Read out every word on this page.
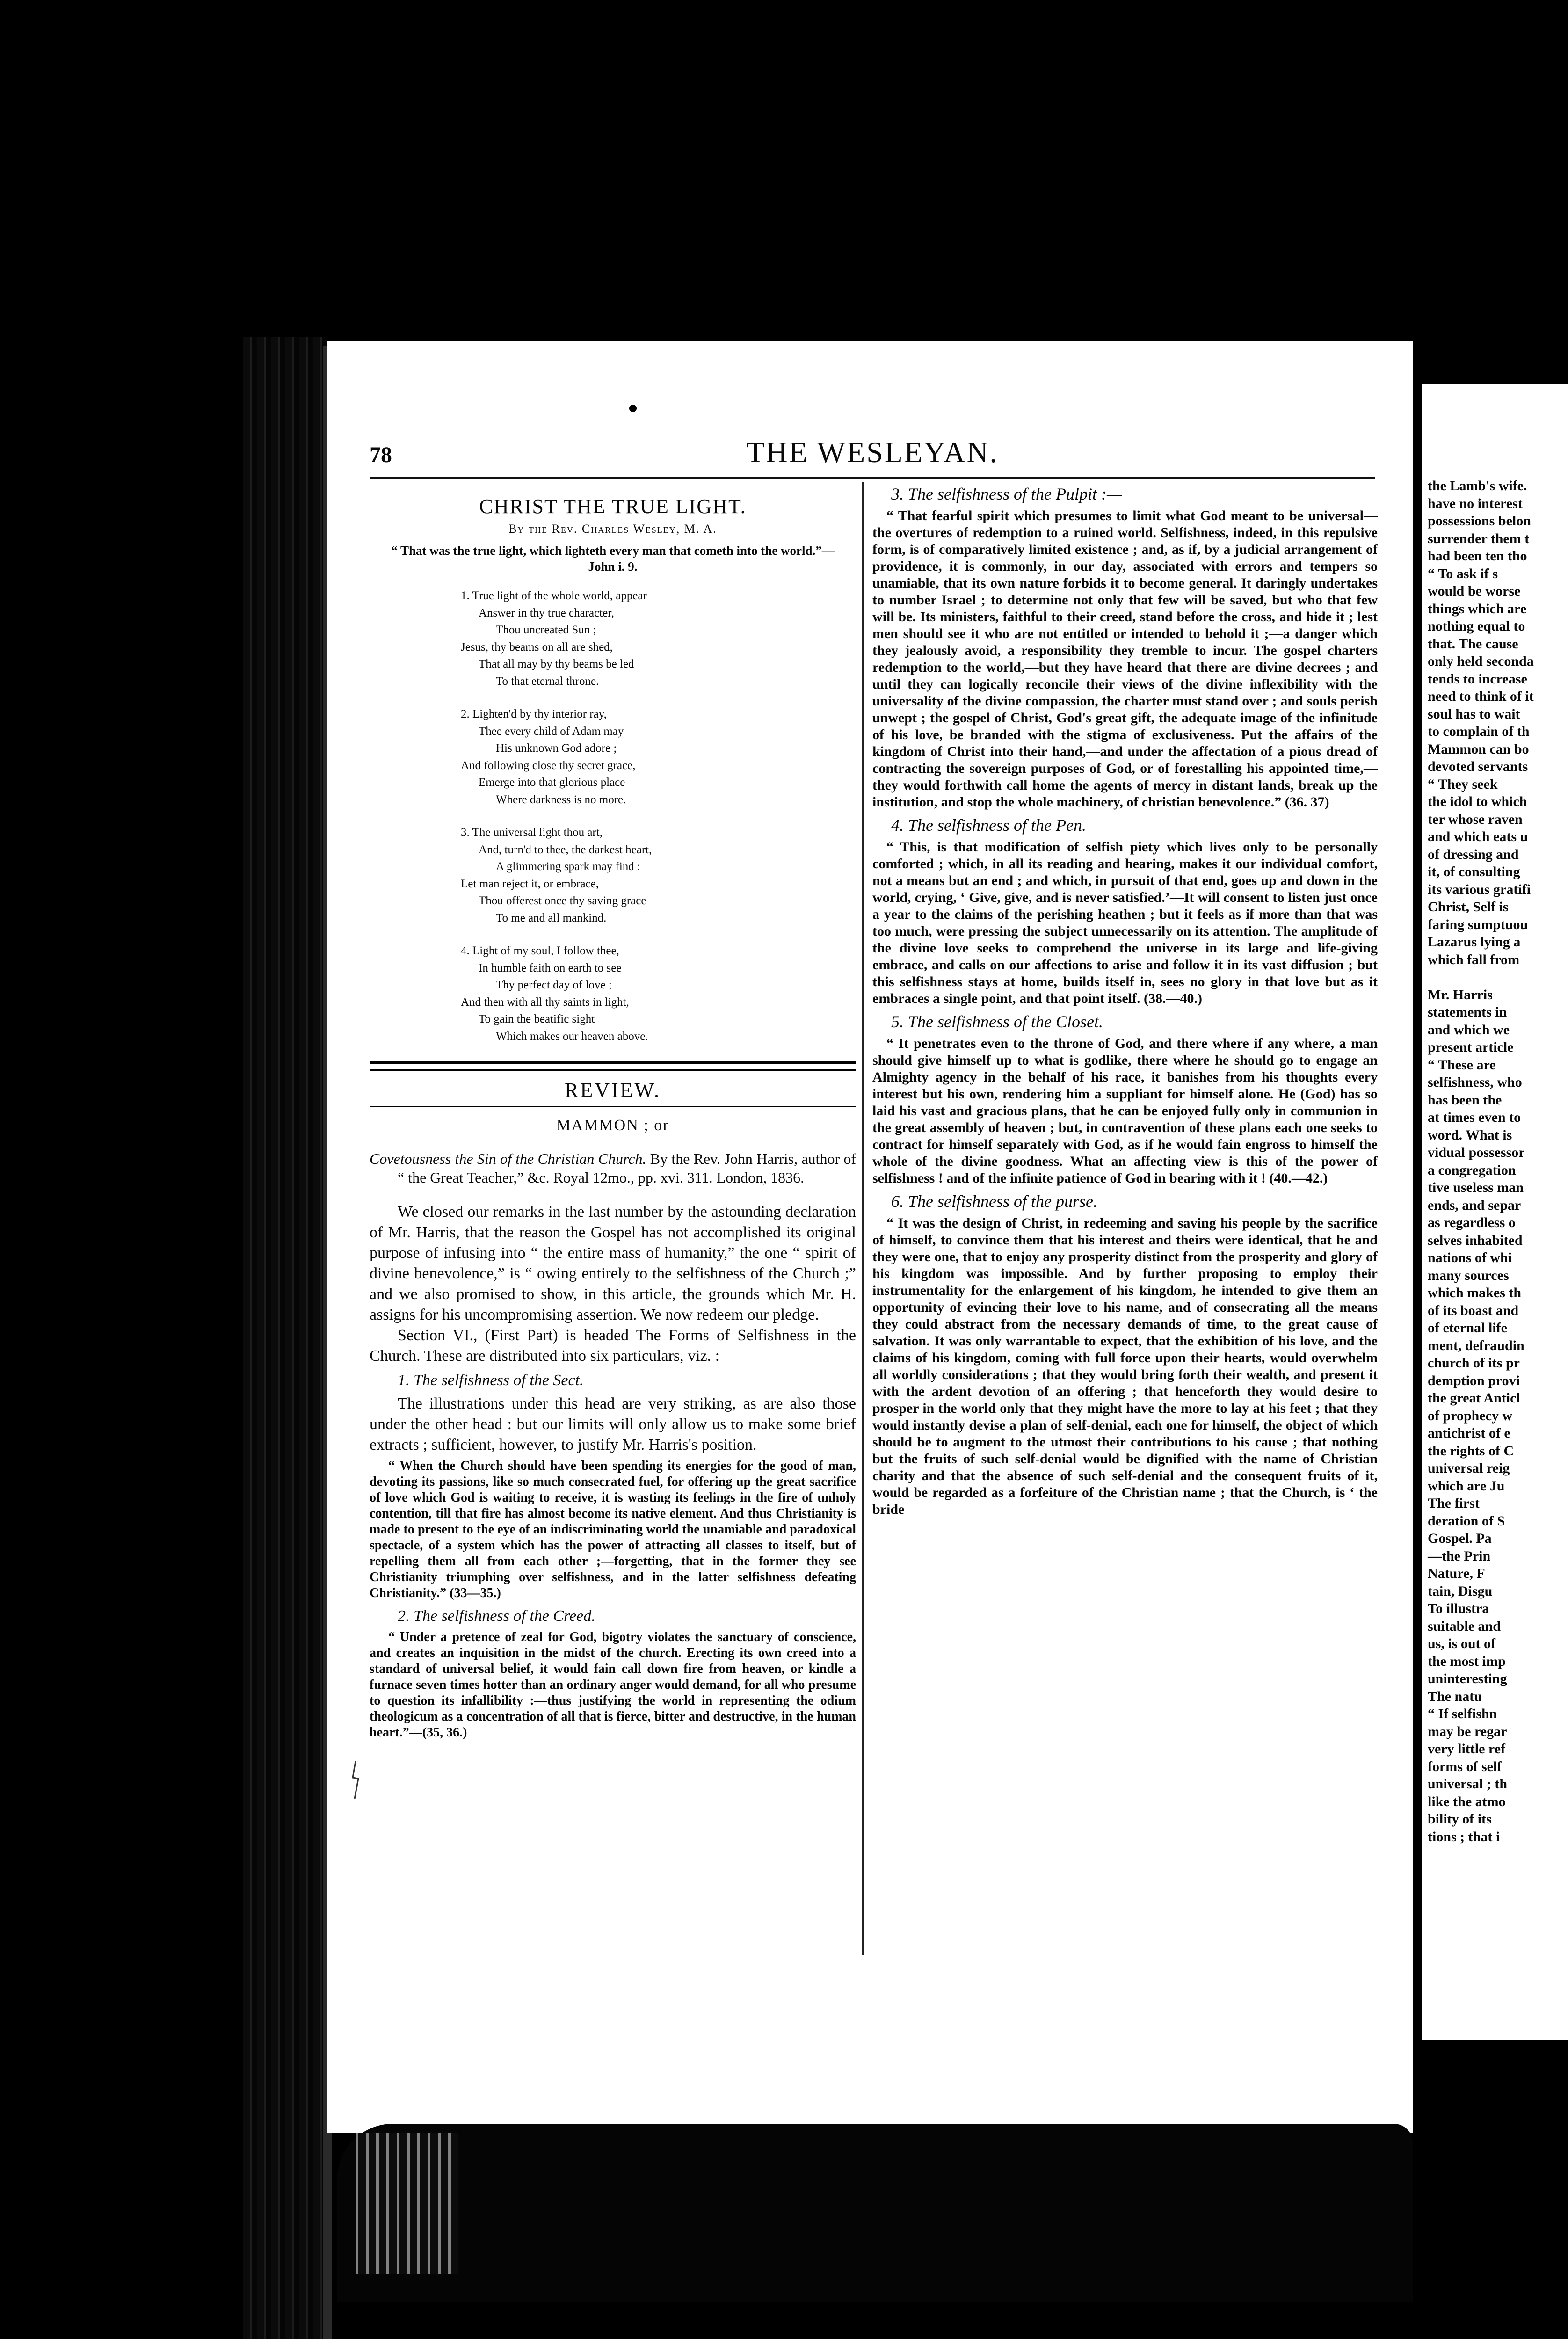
78	THE WESLEYAN.
CHRIST THE TRUE LIGHT.
By the Rev. Charles Wesley, M. A.
“ That was the true light, which lighteth every man that cometh into the world.”—John i. 9.
1. True light of the whole world, appear
Answer in thy true character,
Thou uncreated Sun ;
Jesus, thy beams on all are shed,
That all may by thy beams be led
To that eternal throne.
2. Lighten'd by thy interior ray,
Thee every child of Adam may
His unknown God adore ;
And following close thy secret grace,
Emerge into that glorious place
Where darkness is no more.
3. The universal light thou art,
And, turn'd to thee, the darkest heart,
A glimmering spark may find :
Let man reject it, or embrace,
Thou offerest once thy saving grace
To me and all mankind.
4. Light of my soul, I follow thee,
In humble faith on earth to see
Thy perfect day of love ;
And then with all thy saints in light,
To gain the beatific sight
Which makes our heaven above.
REVIEW.
MAMMON ; or

Covetousness the Sin of the Christian Church. By the Rev. John Harris, author of “ the Great Teacher,” &c. Royal 12mo., pp. xvi. 311. London, 1836.

We closed our remarks in the last number by the astounding declaration of Mr. Harris, that the reason the Gospel has not accomplished its original purpose of infusing into “ the entire mass of humanity,” the one “ spirit of divine benevolence,” is “ owing entirely to the selfishness of the Church ;” and we also promised to show, in this article, the grounds which Mr. H. assigns for his uncompromising assertion. We now redeem our pledge.

Section VI., (First Part) is headed The Forms of Selfishness in the Church. These are distributed into six particulars, viz. :

1. The selfishness of the Sect.

The illustrations under this head are very striking, as are also those under the other head : but our limits will only allow us to make some brief extracts ; sufficient, however, to justify Mr. Harris's position.

“ When the Church should have been spending its energies for the good of man, devoting its passions, like so much consecrated fuel, for offering up the great sacrifice of love which God is waiting to receive, it is wasting its feelings in the fire of unholy contention, till that fire has almost become its native element. And thus Christianity is made to present to the eye of an indiscriminating world the unamiable and paradoxical spectacle, of a system which has the power of attracting all classes to itself, but of repelling them all from each other ;—forgetting, that in the former they see Christianity triumphing over selfishness, and in the latter selfishness defeating Christianity.” (33—35.)

2. The selfishness of the Creed.

“ Under a pretence of zeal for God, bigotry violates the sanctuary of conscience, and creates an inquisition in the midst of the church. Erecting its own creed into a standard of universal belief, it would fain call down fire from heaven, or kindle a furnace seven times hotter than an ordinary anger would demand, for all who presume to question its infallibility :—thus justifying the world in representing the odium theologicum as a concentration of all that is fierce, bitter and destructive, in the human heart.”—(35, 36.)

3. The selfishness of the Pulpit :—

“ That fearful spirit which presumes to limit what God meant to be universal—the overtures of redemption to a ruined world. Selfishness, indeed, in this repulsive form, is of comparatively limited existence ; and, as if, by a judicial arrangement of providence, it is commonly, in our day, associated with errors and tempers so unamiable, that its own nature forbids it to become general. It daringly undertakes to number Israel ; to determine not only that few will be saved, but who that few will be. Its ministers, faithful to their creed, stand before the cross, and hide it ; lest men should see it who are not entitled or intended to behold it ;—a danger which they jealously avoid, a responsibility they tremble to incur. The gospel charters redemption to the world,—but they have heard that there are divine decrees ; and until they can logically reconcile their views of the divine inflexibility with the universality of the divine compassion, the charter must stand over ; and souls perish unwept ; the gospel of Christ, God's great gift, the adequate image of the infinitude of his love, be branded with the stigma of exclusiveness. Put the affairs of the kingdom of Christ into their hand,—and under the affectation of a pious dread of contracting the sovereign purposes of God, or of forestalling his appointed time,—they would forthwith call home the agents of mercy in distant lands, break up the institution, and stop the whole machinery, of christian benevolence.” (36. 37)

4. The selfishness of the Pen.

“ This, is that modification of selfish piety which lives only to be personally comforted ; which, in all its reading and hearing, makes it our individual comfort, not a means but an end ; and which, in pursuit of that end, goes up and down in the world, crying, ‘ Give, give, and is never satisfied.’—It will consent to listen just once a year to the claims of the perishing heathen ; but it feels as if more than that was too much, were pressing the subject unnecessarily on its attention. The amplitude of the divine love seeks to comprehend the universe in its large and life-giving embrace, and calls on our affections to arise and follow it in its vast diffusion ; but this selfishness stays at home, builds itself in, sees no glory in that love but as it embraces a single point, and that point itself. (38.—40.)

5. The selfishness of the Closet.

“ It penetrates even to the throne of God, and there where if any where, a man should give himself up to what is godlike, there where he should go to engage an Almighty agency in the behalf of his race, it banishes from his thoughts every interest but his own, rendering him a suppliant for himself alone. He (God) has so laid his vast and gracious plans, that he can be enjoyed fully only in communion in the great assembly of heaven ; but, in contravention of these plans each one seeks to contract for himself separately with God, as if he would fain engross to himself the whole of the divine goodness. What an affecting view is this of the power of selfishness ! and of the infinite patience of God in bearing with it ! (40.—42.)

6. The selfishness of the purse.

“ It was the design of Christ, in redeeming and saving his people by the sacrifice of himself, to convince them that his interest and theirs were identical, that he and they were one, that to enjoy any prosperity distinct from the prosperity and glory of his kingdom was impossible. And by further proposing to employ their instrumentality for the enlargement of his kingdom, he intended to give them an opportunity of evincing their love to his name, and of consecrating all the means they could abstract from the necessary demands of time, to the great cause of salvation. It was only warrantable to expect, that the exhibition of his love, and the claims of his kingdom, coming with full force upon their hearts, would overwhelm all worldly considerations ; that they would bring forth their wealth, and present it with the ardent devotion of an offering ; that henceforth they would desire to prosper in the world only that they might have the more to lay at his feet ; that they would instantly devise a plan of self-denial, each one for himself, the object of which should be to augment to the utmost their contributions to his cause ; that nothing but the fruits of such self-denial would be dignified with the name of Christian charity and that the absence of such self-denial and the consequent fruits of it, would be regarded as a forfeiture of the Christian name ; that the Church, is ‘ the bride

the Lamb's wife.
have no interest
possessions belon
surrender them t
had been ten tho
“ To ask if s
would be worse
things which are
nothing equal to
that. The cause
only held seconda
tends to increase
need to think of it
soul has to wait
to complain of th
Mammon can bo
devoted servants
“ They seek
the idol to which
ter whose raven
and which eats u
of dressing and
it, of consulting
its various gratifi
Christ, Self is
faring sumptuou
Lazarus lying a
which fall from

Mr. Harris
statements in
and which we
present article
“ These are
selfishness, who
has been the
at times even to
word. What is
vidual possessor
a congregation
tive useless man
ends, and separ
as regardless o
selves inhabited
nations of whi
many sources
which makes th
of its boast and
of eternal life
ment, defraudin
church of its pr
demption provi
the great Anticl
of prophecy w
antichrist of e
the rights of C
universal reig
which are Ju
The first
deration of S
Gospel. Pa
—the Prin
Nature, F
tain, Disgu
To illustra
suitable and
us, is out of
the most imp
uninteresting
The natu
“ If selfishn
may be regar
very little ref
forms of self
universal ; th
like the atmo
bility of its
tions ; that i
